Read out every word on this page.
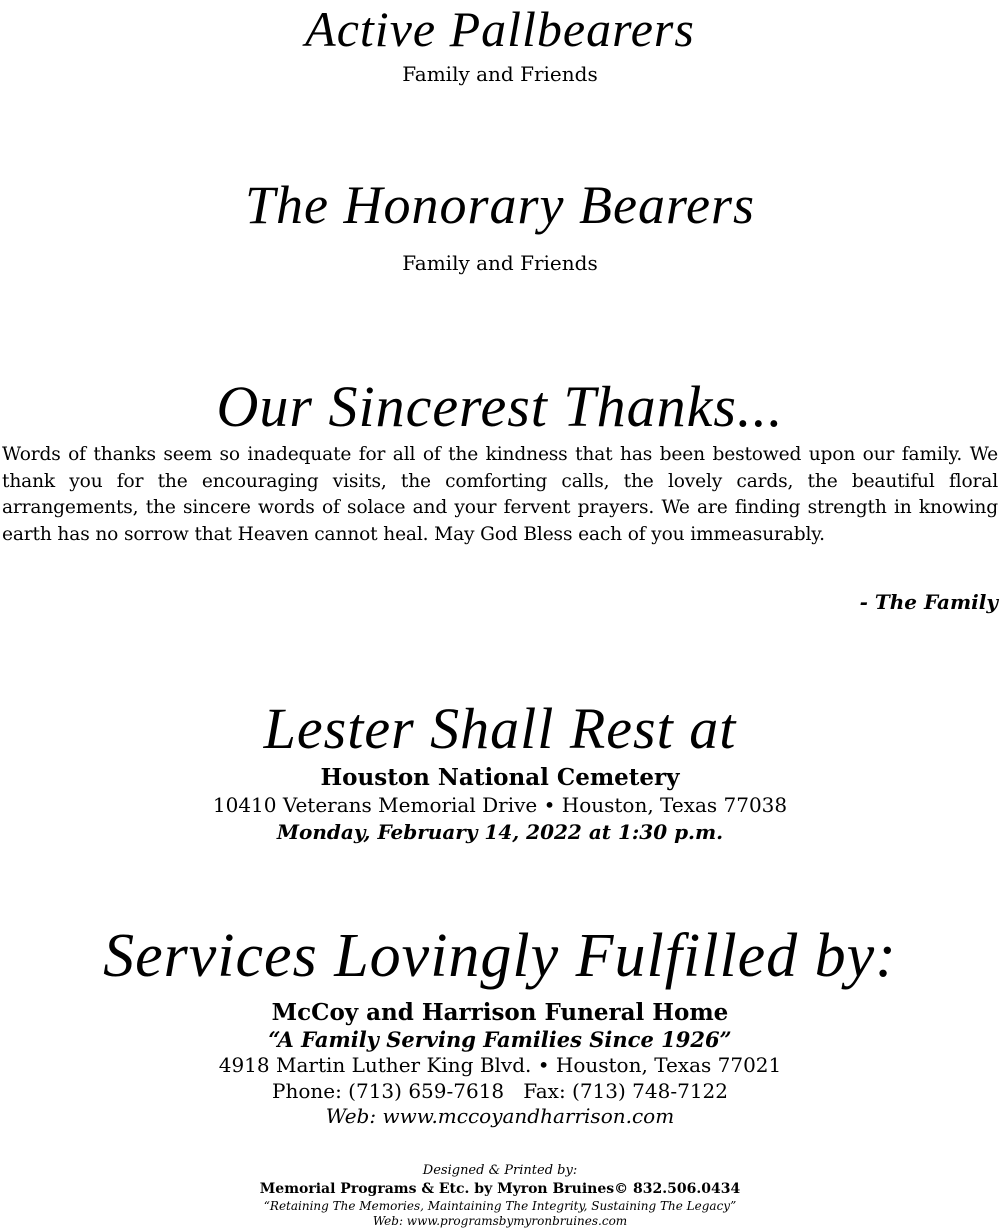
Active Pallbearers
Family and Friends
The Honorary Bearers
Family and Friends
Our Sincerest Thanks...

Words of thanks seem so inadequate for all of the kindness that has been bestowed upon our family. We thank you for the encouraging visits, the comforting calls, the lovely cards, the beautiful floral arrangements, the sincere words of solace and your fervent prayers. We are finding strength in knowing earth has no sorrow that Heaven cannot heal. May God Bless each of you immeasurably.

- The Family
Lester Shall Rest at
Houston National Cemetery
10410 Veterans Memorial Drive • Houston, Texas 77038
Monday, February 14, 2022 at 1:30 p.m.
Services Lovingly Fulfilled by:
McCoy and Harrison Funeral Home
“A Family Serving Families Since 1926”
4918 Martin Luther King Blvd. • Houston, Texas 77021
Phone: (713) 659-7618   Fax: (713) 748-7122
Web: www.mccoyandharrison.com
Designed & Printed by:
Memorial Programs & Etc. by Myron Bruines© 832.506.0434
“Retaining The Memories, Maintaining The Integrity, Sustaining The Legacy”
Web: www.programsbymyronbruines.com
